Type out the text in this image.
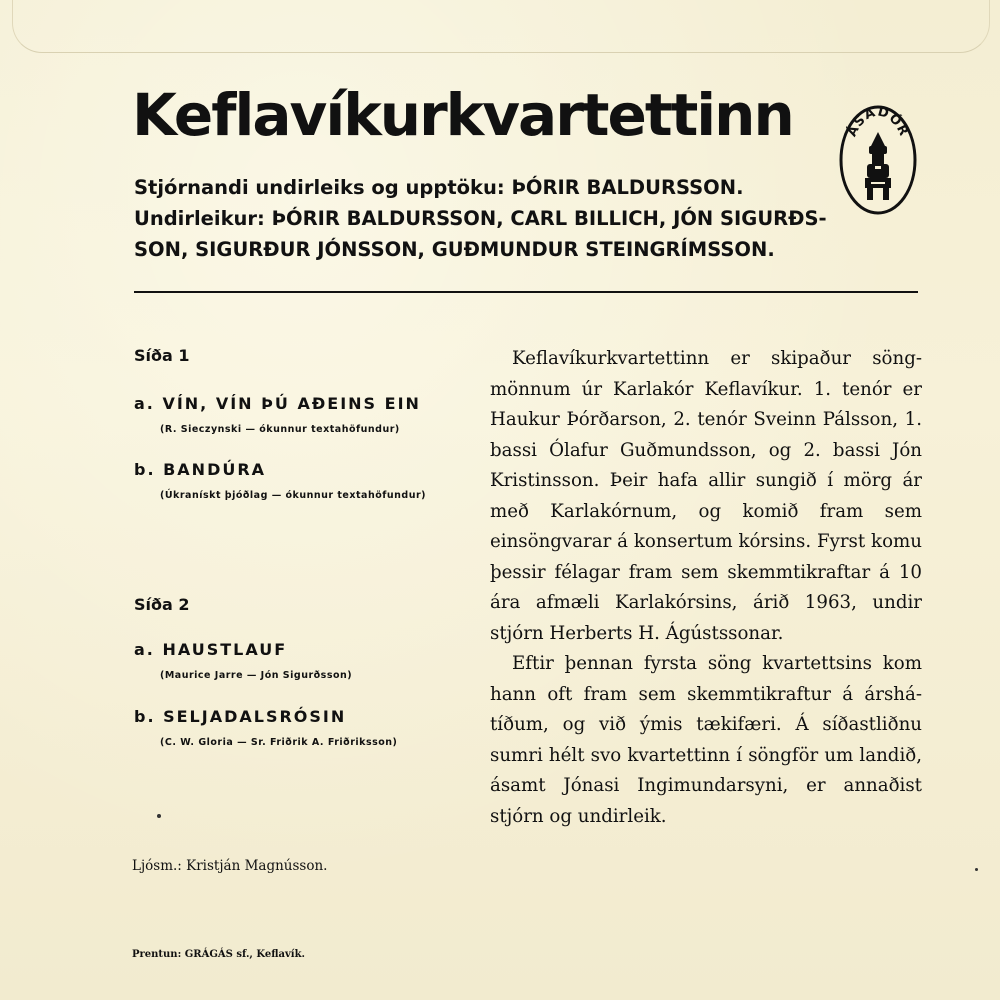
Keflavíkurkvartettinn	ÁSADÓR
Stjórnandi undirleiks og upptöku: ÞÓRIR BALDURSSON.
Undirleikur: ÞÓRIR BALDURSSON, CARL BILLICH, JÓN SIGURÐS-
SON, SIGURÐUR JÓNSSON, GUÐMUNDUR STEINGRÍMSSON.
Síða 1
a. VÍN, VÍN ÞÚ AÐEINS EIN
(R. Sieczynski — ókunnur textahöfundur)
b. BANDÚRA
(Úkranískt þjóðlag — ókunnur textahöfundur)
Síða 2
a. HAUSTLAUF
(Maurice Jarre — Jón Sigurðsson)
b. SELJADALSRÓSIN
(C. W. Gloria — Sr. Friðrik A. Friðriksson)

Keflavíkurkvartettinn er skipaður söngmönnum úr Karlakór Keflavíkur. 1. tenór er Haukur Þórðarson, 2. tenór Sveinn Pálsson, 1. bassi Ólafur Guðmundsson, og 2. bassi Jón Kristinsson. Þeir hafa allir sungið í mörg ár með Karlakórnum, og komið fram sem einsöngvarar á konsertum kórsins. Fyrst komu þessir félagar fram sem skemmtikraftar á 10 ára afmæli Karlakórsins, árið 1963, undir stjórn Herberts H. Ágústssonar.

Eftir þennan fyrsta söng kvartettsins kom hann oft fram sem skemmtikraftur á árshátíðum, og við ýmis tækifæri. Á síðastliðnu sumri hélt svo kvartettinn í söngför um landið, ásamt Jónasi Ingimundarsyni, er annaðist stjórn og undirleik.

Ljósm.: Kristján Magnússon.
Prentun: GRÁGÁS sf., Keflavík.
